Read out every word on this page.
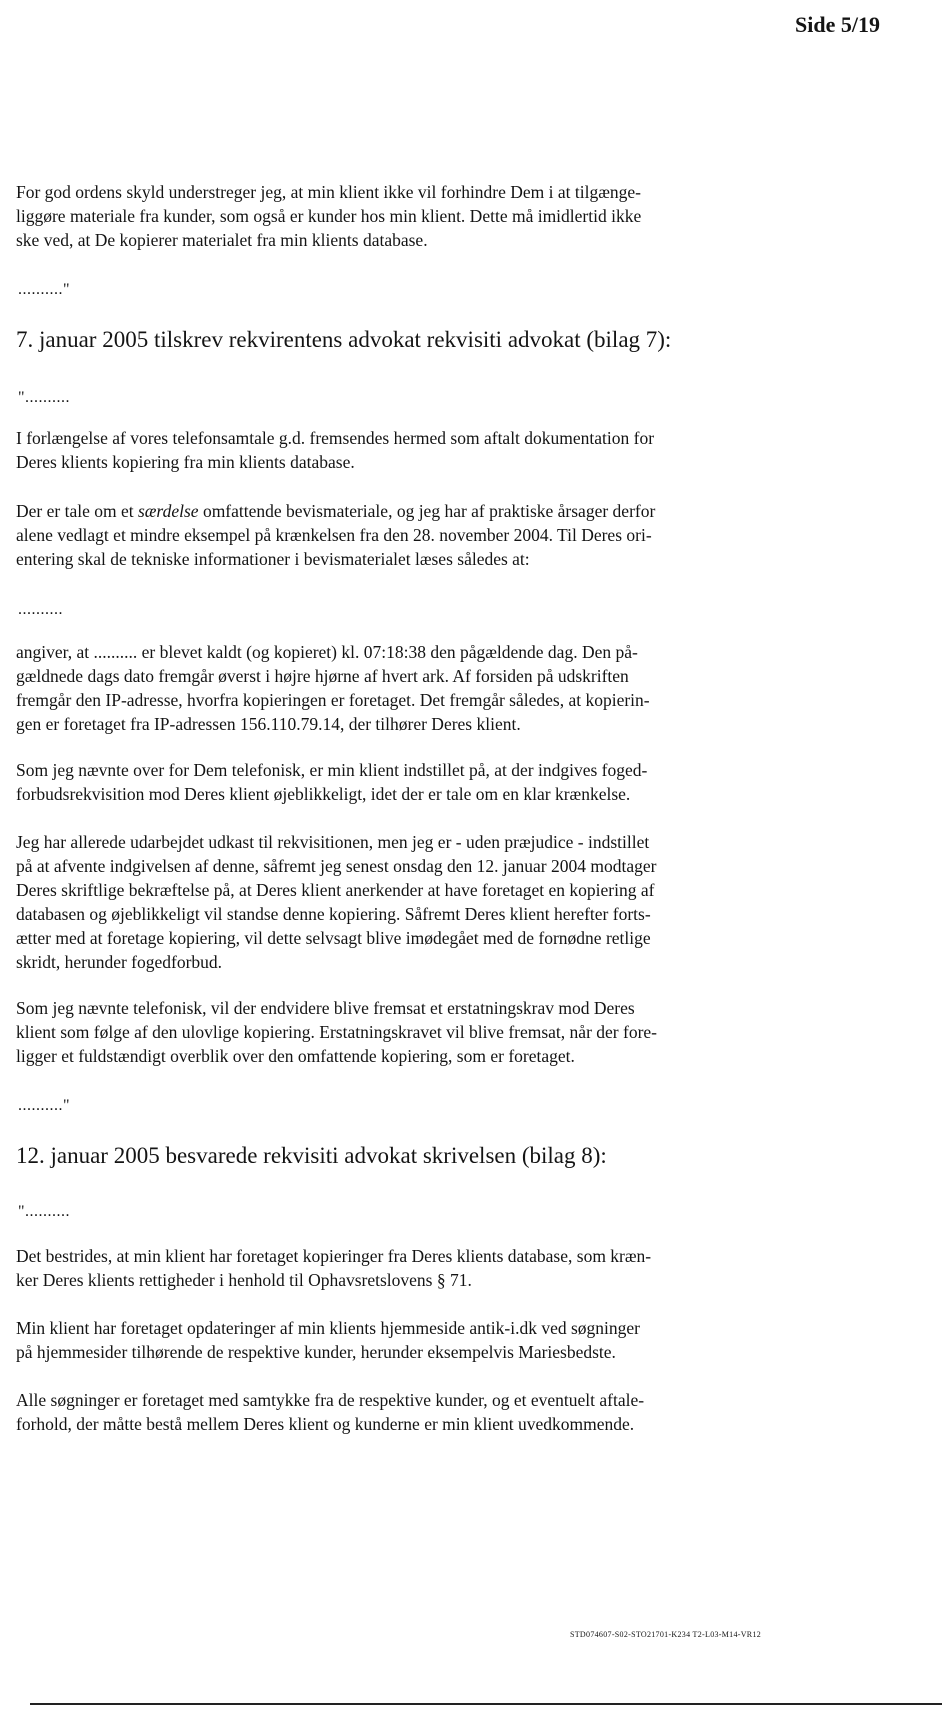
Side 5/19
For god ordens skyld understreger jeg, at min klient ikke vil forhindre Dem i at tilgænge-
liggøre materiale fra kunder, som også er kunder hos min klient. Dette må imidlertid ikke
ske ved, at De kopierer materialet fra min klients database.
.........."
7. januar 2005 tilskrev rekvirentens advokat rekvisiti advokat (bilag 7):
"..........
I forlængelse af vores telefonsamtale g.d. fremsendes hermed som aftalt dokumentation for
Deres klients kopiering fra min klients database.
Der er tale om et særdelse omfattende bevismateriale, og jeg har af praktiske årsager derfor
alene vedlagt et mindre eksempel på krænkelsen fra den 28. november 2004. Til Deres ori-
entering skal de tekniske informationer i bevismaterialet læses således at:
..........
angiver, at .......... er blevet kaldt (og kopieret) kl. 07:18:38 den pågældende dag. Den på-
gældnede dags dato fremgår øverst i højre hjørne af hvert ark. Af forsiden på udskriften
fremgår den IP-adresse, hvorfra kopieringen er foretaget. Det fremgår således, at kopierin-
gen er foretaget fra IP-adressen 156.110.79.14, der tilhører Deres klient.
Som jeg nævnte over for Dem telefonisk, er min klient indstillet på, at der indgives foged-
forbudsrekvisition mod Deres klient øjeblikkeligt, idet der er tale om en klar krænkelse.
Jeg har allerede udarbejdet udkast til rekvisitionen, men jeg er - uden præjudice - indstillet
på at afvente indgivelsen af denne, såfremt jeg senest onsdag den 12. januar 2004 modtager
Deres skriftlige bekræftelse på, at Deres klient anerkender at have foretaget en kopiering af
databasen og øjeblikkeligt vil standse denne kopiering. Såfremt Deres klient herefter forts-
ætter med at foretage kopiering, vil dette selvsagt blive imødegået med de fornødne retlige
skridt, herunder fogedforbud.
Som jeg nævnte telefonisk, vil der endvidere blive fremsat et erstatningskrav mod Deres
klient som følge af den ulovlige kopiering. Erstatningskravet vil blive fremsat, når der fore-
ligger et fuldstændigt overblik over den omfattende kopiering, som er foretaget.
.........."
12. januar 2005 besvarede rekvisiti advokat skrivelsen (bilag 8):
"..........
Det bestrides, at min klient har foretaget kopieringer fra Deres klients database, som kræn-
ker Deres klients rettigheder i henhold til Ophavsretslovens § 71.
Min klient har foretaget opdateringer af min klients hjemmeside antik-i.dk ved søgninger
på hjemmesider tilhørende de respektive kunder, herunder eksempelvis Mariesbedste.
Alle søgninger er foretaget med samtykke fra de respektive kunder, og et eventuelt aftale-
forhold, der måtte bestå mellem Deres klient og kunderne er min klient uvedkommende.
STD074607-S02-STO21701-K234 T2-L03-M14-VR12
